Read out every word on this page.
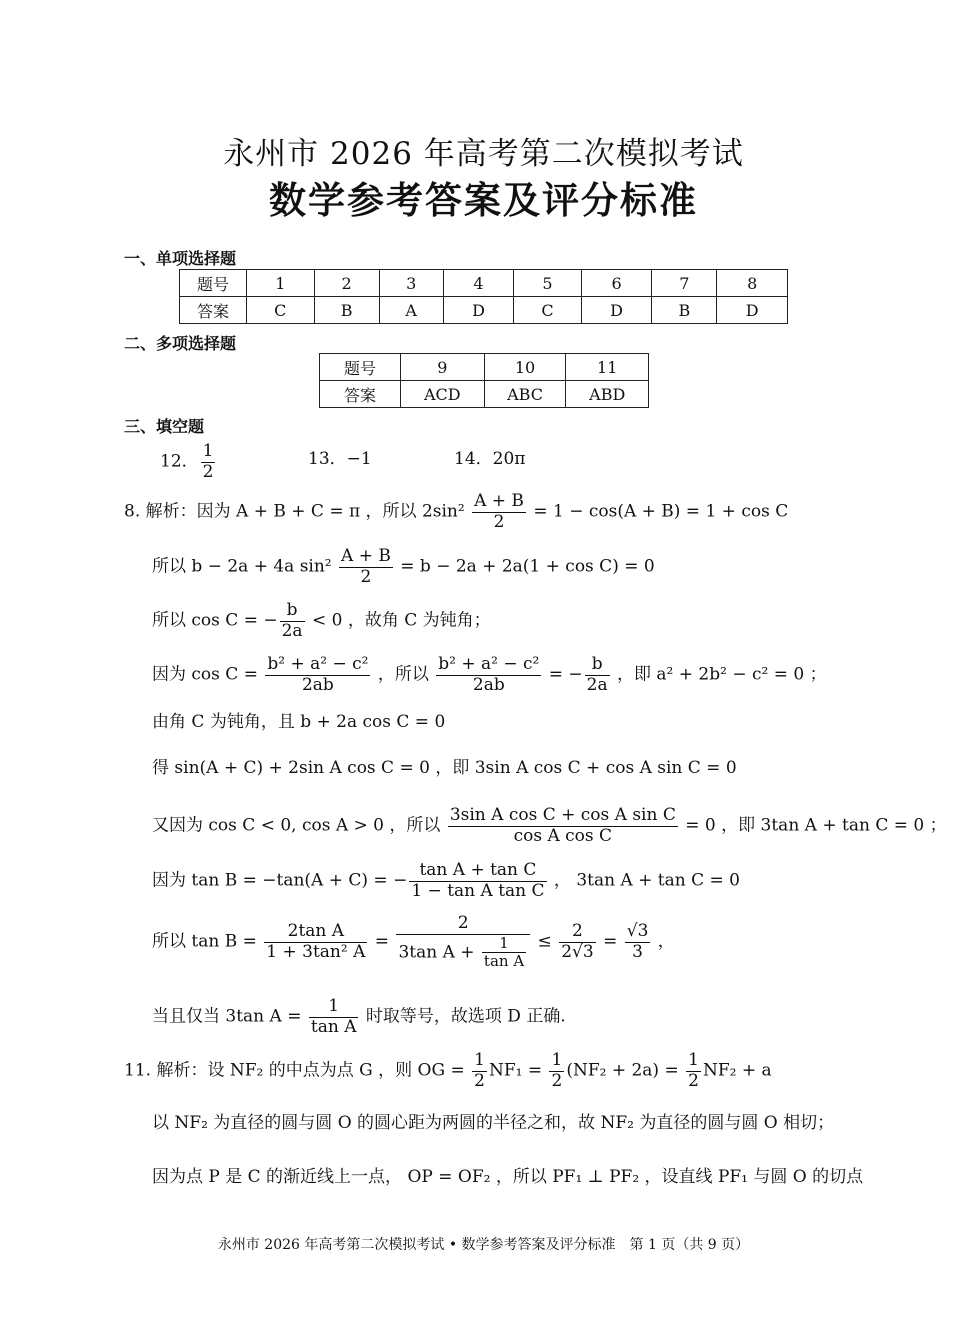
永州市 2026 年高考第二次模拟考试
数学参考答案及评分标准
一、单项选择题
题号	1	2	3	4	5	6	7	8
答案	C	B	A	D	C	D	B	D
二、多项选择题
题号	9	10	11
答案	ACD	ABC	ABD
三、填空题
12． $\frac{1}{2}$	13．−1	14．20π
8. 解析：因为 A + B + C = π ，所以 $2\sin^2 \frac{A + B}{2} = 1 - \cos(A + B) = 1 + \cos C$
所以 b − 2a + 4a $\sin^2 \frac{A + B}{2} = b - 2a + 2a(1 + \cos C) = 0$
所以 cos C = − $\frac{b}{2a} < 0$ ，故角 C 为钝角；
因为 $\cos C = \frac{\text{b² + a² − c²}}{2ab}$ ，所以 $\frac{\text{b² + a² − c²}}{2ab}$ = − $\frac{b}{2a}$ ，即 a² + 2b² − c² = 0 ；
由角 C 为钝角，且 b + 2a cos C = 0
得 sin(A + C) + 2sin A cos C = 0 ，即 3sin A cos C + cos A sin C = 0
又因为 cos C < 0, cos A > 0 ，所以 $\frac{\text{3sin A cos C + cos A sin C}}{\text{cos A cos C}} = 0$ ，即 3tan A + tan C = 0 ；
因为 tan B = −tan(A + C) = − $\frac{\text{tan A + tan C}}{\text{1 − tan A tan C}}$ ， 3tan A + tan C = 0
所以 $\tan B = \frac{\text{2tan A}}{\text{1 + 3tan² A}} = \frac{2}{3\tan A + \frac{1}{\text{tan A}}} \le \frac{2}{2√3} = \frac{√3}{3}$ ，
当且仅当 3tan $A = \frac{1}{\text{tan A}}$ 时取等号，故选项 D 正确.
11. 解析：设 NF₂ 的中点为点 G ，则 OG = $\frac{1}{2} NF_1 = \frac{1}{2} (NF_2 + 2a) = \frac{1}{2} NF_2 + a$
以 NF₂ 为直径的圆与圆 O 的圆心距为两圆的半径之和，故 NF₂ 为直径的圆与圆 O 相切；
因为点 P 是 C 的渐近线上一点， OP = OF₂ ，所以 PF₁ ⊥ PF₂ ，设直线 PF₁ 与圆 O 的切点
永州市 2026 年高考第二次模拟考试 • 数学参考答案及评分标准　第 1 页（共 9 页）
